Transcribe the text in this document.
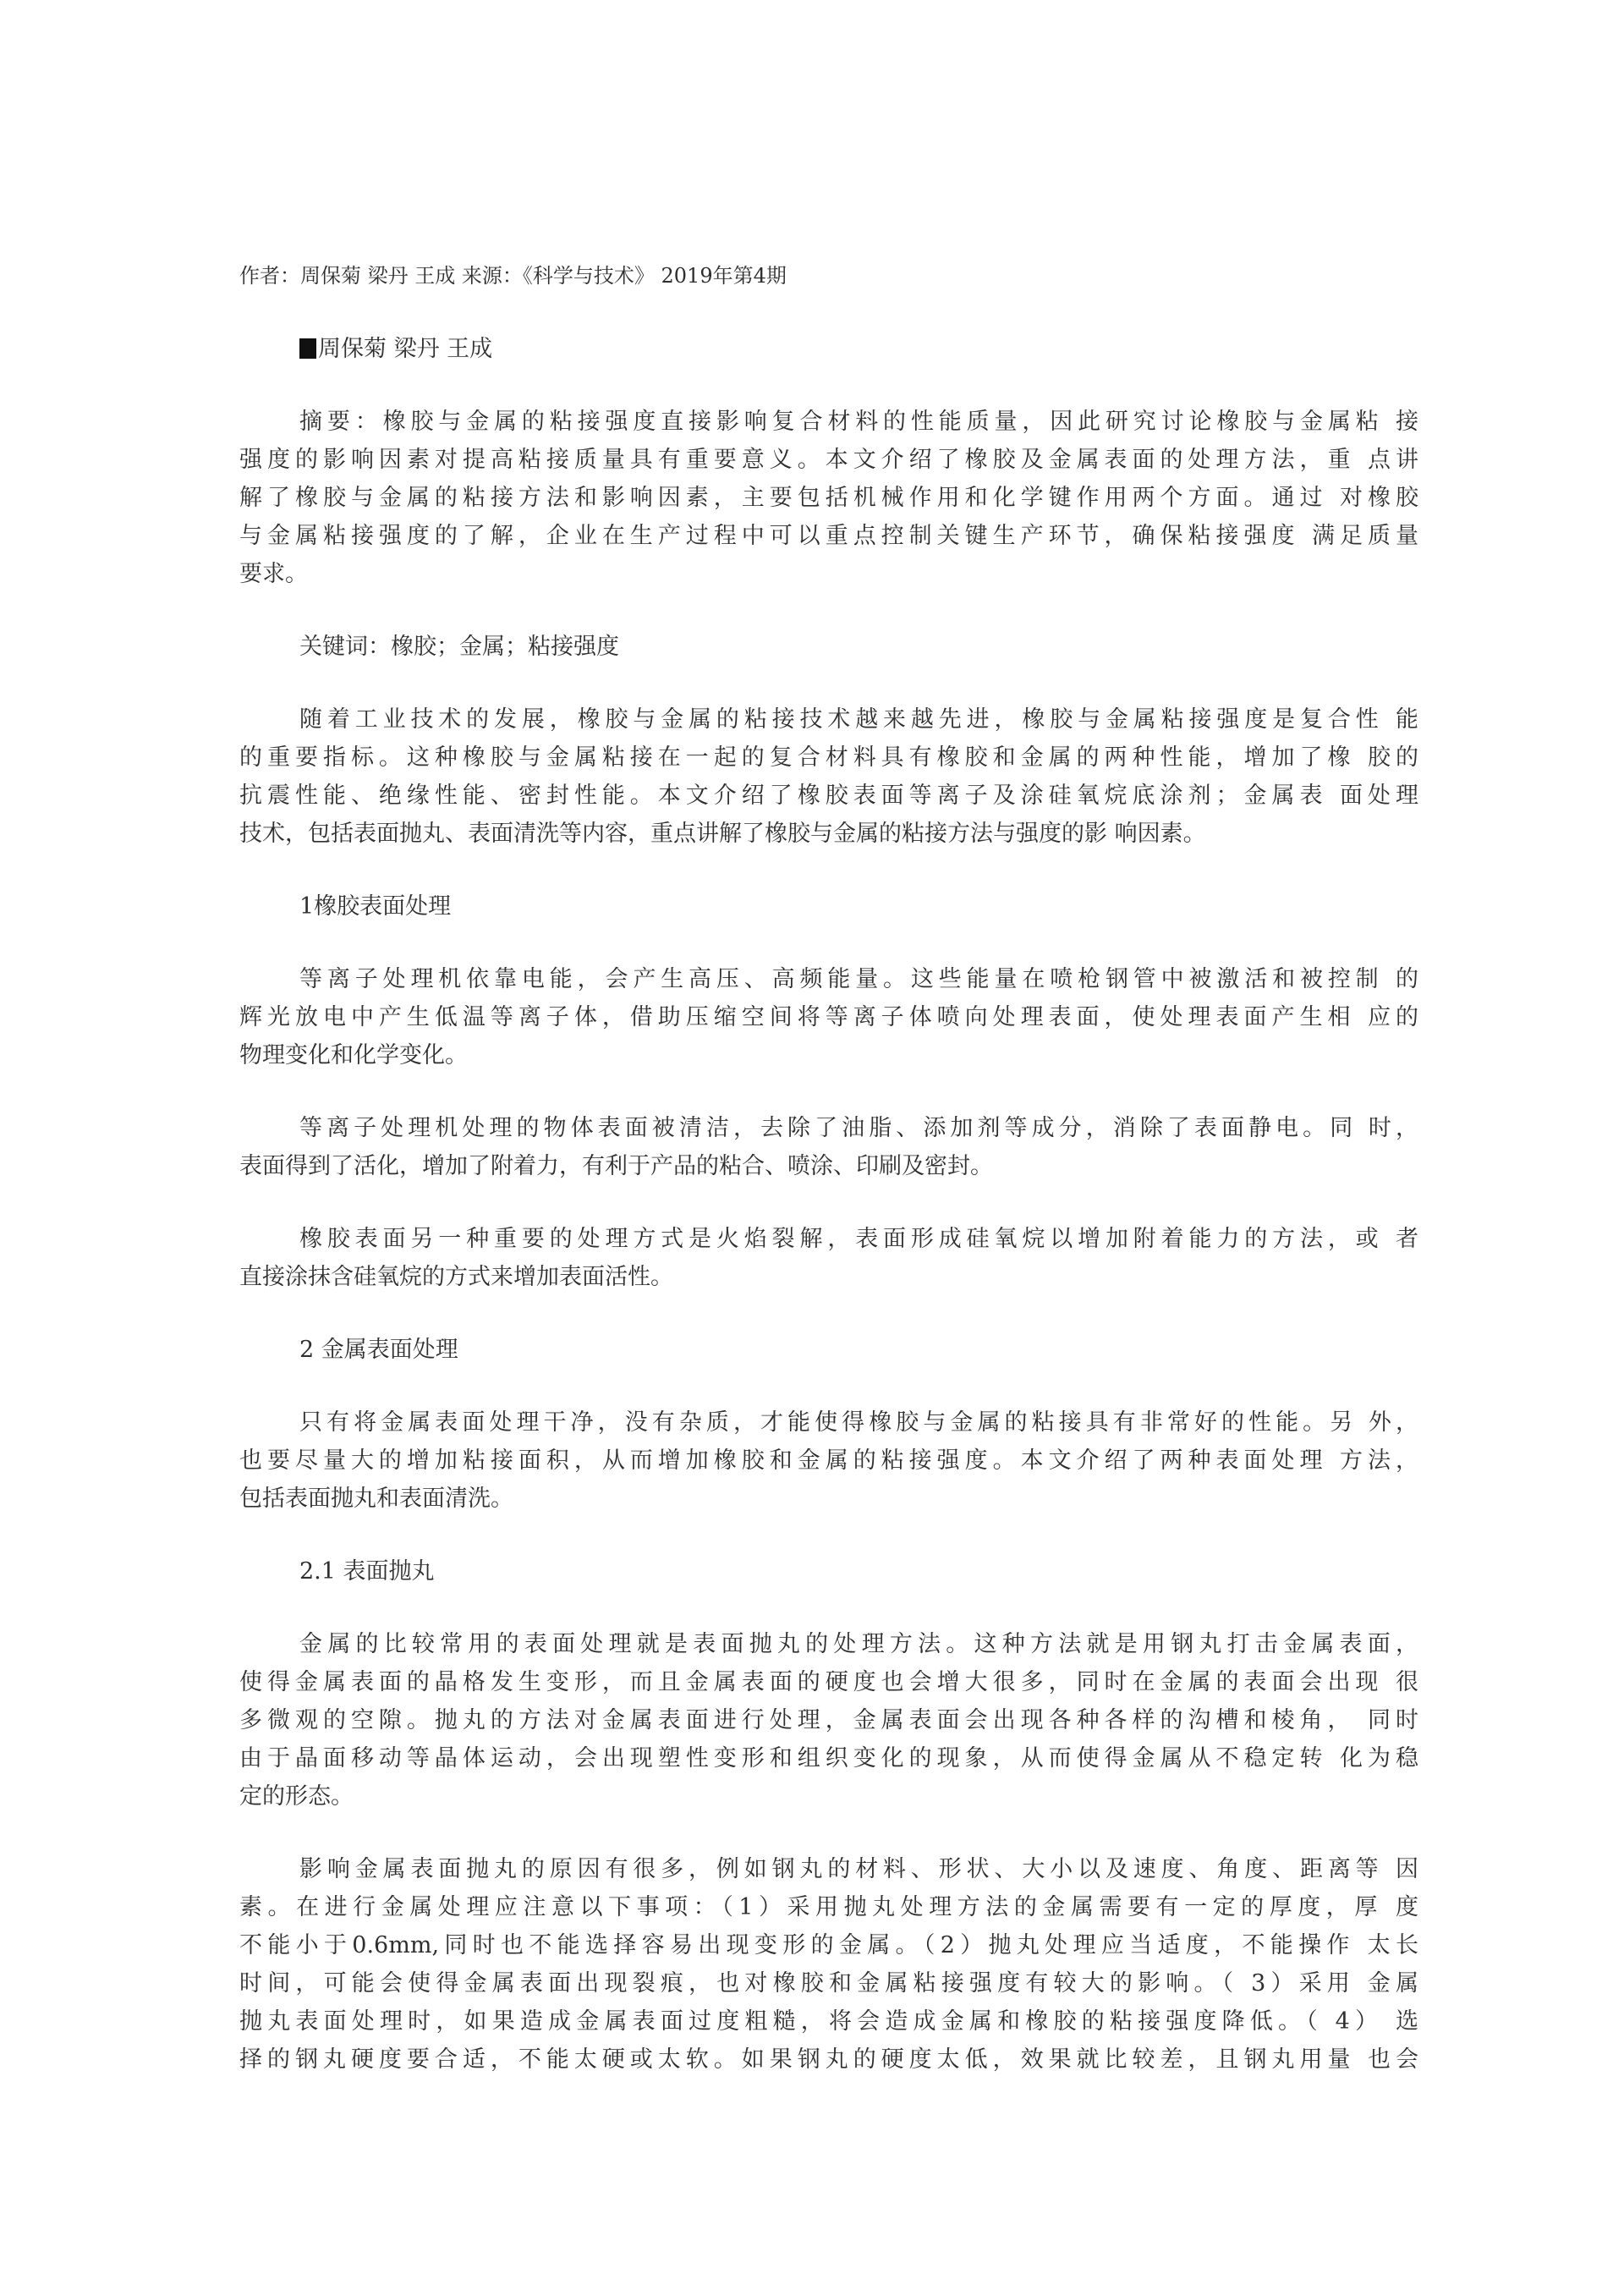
作者：周保菊 梁丹 王成 来源：《科学与技术》 2019年第4期
周保菊 梁丹 王成
摘要：橡胶与金属的粘接强度直接影响复合材料的性能质量，因此研究讨论橡胶与金属粘 接
强度的影响因素对提高粘接质量具有重要意义。本文介绍了橡胶及金属表面的处理方法，重 点讲
解了橡胶与金属的粘接方法和影响因素，主要包括机械作用和化学键作用两个方面。通过 对橡胶
与金属粘接强度的了解，企业在生产过程中可以重点控制关键生产环节，确保粘接强度 满足质量
要求。
关键词：橡胶；金属；粘接强度
随着工业技术的发展，橡胶与金属的粘接技术越来越先进，橡胶与金属粘接强度是复合性 能
的重要指标。这种橡胶与金属粘接在一起的复合材料具有橡胶和金属的两种性能，增加了橡 胶的
抗震性能、绝缘性能、密封性能。本文介绍了橡胶表面等离子及涂硅氧烷底涂剂；金属表 面处理
技术，包括表面抛丸、表面清洗等内容，重点讲解了橡胶与金属的粘接方法与强度的影 响因素。
1橡胶表面处理
等离子处理机依靠电能，会产生高压、高频能量。这些能量在喷枪钢管中被激活和被控制 的
辉光放电中产生低温等离子体，借助压缩空间将等离子体喷向处理表面，使处理表面产生相 应的
物理变化和化学变化。
等离子处理机处理的物体表面被清洁，去除了油脂、添加剂等成分，消除了表面静电。同 时，
表面得到了活化，增加了附着力，有利于产品的粘合、喷涂、印刷及密封。
橡胶表面另一种重要的处理方式是火焰裂解，表面形成硅氧烷以增加附着能力的方法，或 者
直接涂抹含硅氧烷的方式来增加表面活性。
2 金属表面处理
只有将金属表面处理干净，没有杂质，才能使得橡胶与金属的粘接具有非常好的性能。另 外，
也要尽量大的增加粘接面积，从而增加橡胶和金属的粘接强度。本文介绍了两种表面处理 方法，
包括表面抛丸和表面清洗。
2.1 表面抛丸
金属的比较常用的表面处理就是表面抛丸的处理方法。这种方法就是用钢丸打击金属表面，
使得金属表面的晶格发生变形，而且金属表面的硬度也会增大很多，同时在金属的表面会出现 很
多微观的空隙。抛丸的方法对金属表面进行处理，金属表面会出现各种各样的沟槽和棱角， 同时
由于晶面移动等晶体运动，会出现塑性变形和组织变化的现象，从而使得金属从不稳定转 化为稳
定的形态。
影响金属表面抛丸的原因有很多，例如钢丸的材料、形状、大小以及速度、角度、距离等 因
素。在进行金属处理应注意以下事项：（1）采用抛丸处理方法的金属需要有一定的厚度，厚 度
不能小于0.6mm,同时也不能选择容易出现变形的金属。（2）抛丸处理应当适度，不能操作 太长
时间，可能会使得金属表面出现裂痕，也对橡胶和金属粘接强度有较大的影响。（ 3）采用 金属
抛丸表面处理时，如果造成金属表面过度粗糙，将会造成金属和橡胶的粘接强度降低。（ 4） 选
择的钢丸硬度要合适，不能太硬或太软。如果钢丸的硬度太低，效果就比较差，且钢丸用量 也会
